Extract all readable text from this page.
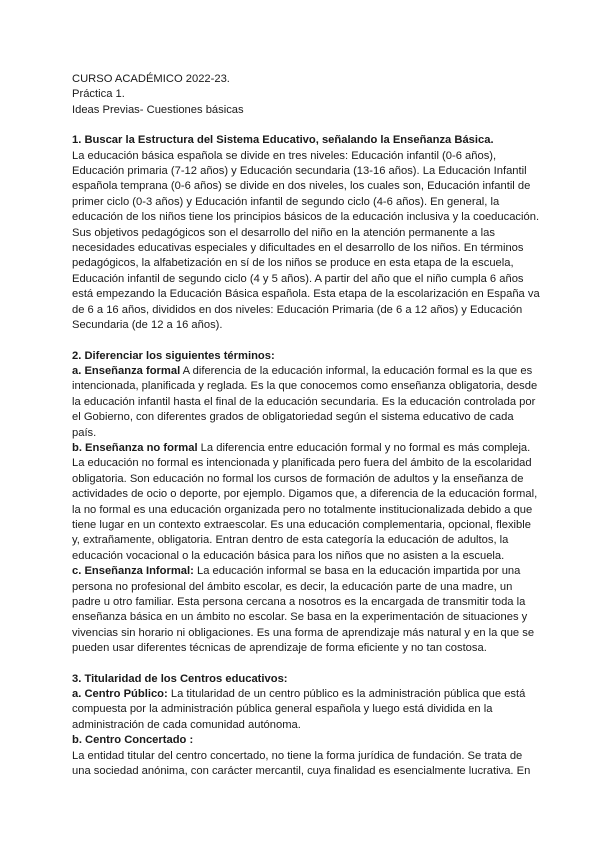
CURSO ACADÉMICO 2022-23.

Práctica 1.

Ideas Previas- Cuestiones básicas

1. Buscar la Estructura del Sistema Educativo, señalando la Enseñanza Básica.

La educación básica española se divide en tres niveles: Educación infantil (0-6 años), Educación primaria (7-12 años) y Educación secundaria (13-16 años). La Educación Infantil española temprana (0-6 años) se divide en dos niveles, los cuales son, Educación infantil de primer ciclo (0-3 años) y Educación infantil de segundo ciclo (4-6 años). En general, la educación de los niños tiene los principios básicos de la educación inclusiva y la coeducación. Sus objetivos pedagógicos son el desarrollo del niño en la atención permanente a las necesidades educativas especiales y dificultades en el desarrollo de los niños. En términos pedagógicos, la alfabetización en sí de los niños se produce en esta etapa de la escuela, Educación infantil de segundo ciclo (4 y 5 años). A partir del año que el niño cumpla 6 años está empezando la Educación Básica española. Esta etapa de la escolarización en España va de 6 a 16 años, divididos en dos niveles: Educación Primaria (de 6 a 12 años) y Educación Secundaria (de 12 a 16 años).

2. Diferenciar los siguientes términos:

a. Enseñanza formal A diferencia de la educación informal, la educación formal es la que es intencionada, planificada y reglada. Es la que conocemos como enseñanza obligatoria, desde la educación infantil hasta el final de la educación secundaria. Es la educación controlada por el Gobierno, con diferentes grados de obligatoriedad según el sistema educativo de cada país.

b. Enseñanza no formal La diferencia entre educación formal y no formal es más compleja. La educación no formal es intencionada y planificada pero fuera del ámbito de la escolaridad obligatoria. Son educación no formal los cursos de formación de adultos y la enseñanza de actividades de ocio o deporte, por ejemplo. Digamos que, a diferencia de la educación formal, la no formal es una educación organizada pero no totalmente institucionalizada debido a que tiene lugar en un contexto extraescolar. Es una educación complementaria, opcional, flexible y, extrañamente, obligatoria. Entran dentro de esta categoría la educación de adultos, la educación vocacional o la educación básica para los niños que no asisten a la escuela.

c. Enseñanza Informal: La educación informal se basa en la educación impartida por una persona no profesional del ámbito escolar, es decir, la educación parte de una madre, un padre u otro familiar. Esta persona cercana a nosotros es la encargada de transmitir toda la enseñanza básica en un ámbito no escolar. Se basa en la experimentación de situaciones y vivencias sin horario ni obligaciones. Es una forma de aprendizaje más natural y en la que se pueden usar diferentes técnicas de aprendizaje de forma eficiente y no tan costosa.

3. Titularidad de los Centros educativos:

a. Centro Público: La titularidad de un centro público es la administración pública que está compuesta por la administración pública general española y luego está dividida en la administración de cada comunidad autónoma.

b. Centro Concertado :

La entidad titular del centro concertado, no tiene la forma jurídica de fundación. Se trata de una sociedad anónima, con carácter mercantil, cuya finalidad es esencialmente lucrativa. En
